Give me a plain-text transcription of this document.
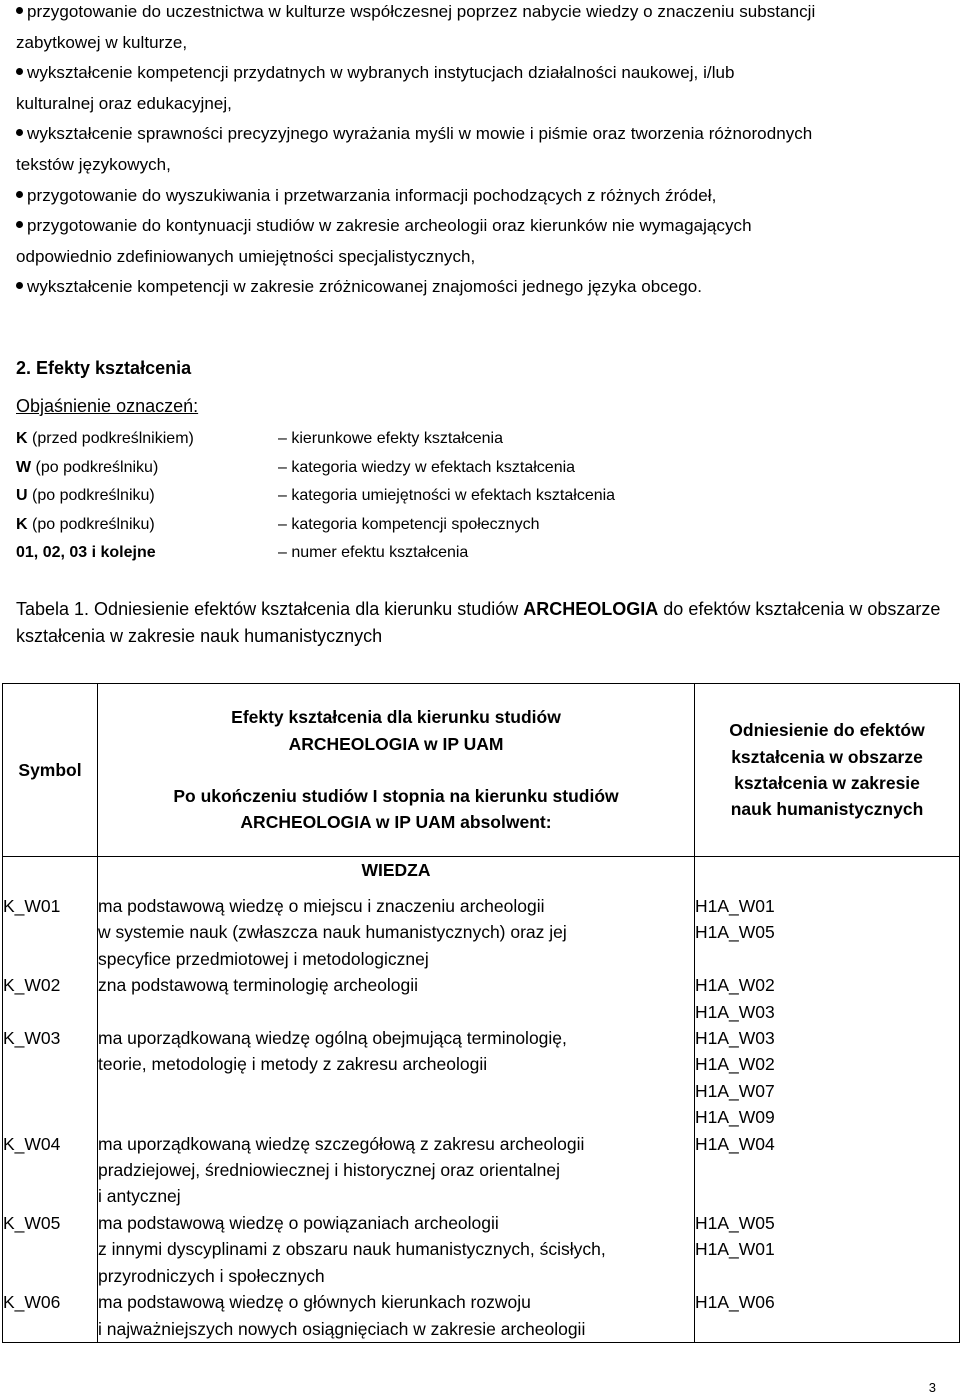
przygotowanie do uczestnictwa w kulturze współczesnej poprzez nabycie wiedzy o znaczeniu substancji
zabytkowej w kulturze,
wykształcenie kompetencji przydatnych w wybranych instytucjach działalności naukowej, i/lub
kulturalnej oraz edukacyjnej,
wykształcenie sprawności precyzyjnego wyrażania myśli w mowie i piśmie oraz tworzenia różnorodnych
tekstów językowych,
przygotowanie do wyszukiwania i przetwarzania informacji pochodzących z różnych źródeł,
przygotowanie do kontynuacji studiów w zakresie archeologii oraz kierunków nie wymagających
odpowiednio zdefiniowanych umiejętności specjalistycznych,
wykształcenie kompetencji w zakresie zróżnicowanej znajomości jednego języka obcego.
2. Efekty kształcenia
Objaśnienie oznaczeń:
K (przed podkreślnikiem)	– kierunkowe efekty kształcenia
W (po podkreślniku)	– kategoria wiedzy w efektach kształcenia
U (po podkreślniku)	– kategoria umiejętności w efektach kształcenia
K (po podkreślniku)	– kategoria kompetencji społecznych
01, 02, 03 i kolejne	– numer efektu kształcenia
Tabela 1. Odniesienie efektów kształcenia dla kierunku studiów ARCHEOLOGIA do efektów kształcenia w obszarze kształcenia w zakresie nauk humanistycznych
Symbol	Efekty kształcenia dla kierunku studiów
ARCHEOLOGIA w IP UAM
Po ukończeniu studiów I stopnia na kierunku studiów
ARCHEOLOGIA w IP UAM absolwent:	Odniesienie do efektów
kształcenia w obszarze
kształcenia w zakresie
nauk humanistycznych

	WIEDZA	
K_W01	ma podstawową wiedzę o miejscu i znaczeniu archeologii
w systemie nauk (zwłaszcza nauk humanistycznych) oraz jej
specyfice przedmiotowej i metodologicznej	H1A_W01
H1A_W05

K_W02	zna podstawową terminologię archeologii	H1A_W02
H1A_W03

K_W03	ma uporządkowaną wiedzę ogólną obejmującą terminologię,
teorie, metodologię i metody z zakresu archeologii	H1A_W03
H1A_W02
H1A_W07
H1A_W09

K_W04	ma uporządkowaną wiedzę szczegółową z zakresu archeologii
pradziejowej, średniowiecznej i historycznej oraz orientalnej
i antycznej	H1A_W04

K_W05	ma podstawową wiedzę o powiązaniach archeologii
z innymi dyscyplinami z obszaru nauk humanistycznych, ścisłych,
przyrodniczych i społecznych	H1A_W05
H1A_W01

K_W06	ma podstawową wiedzę o głównych kierunkach rozwoju
i najważniejszych nowych osiągnięciach w zakresie archeologii	H1A_W06
3
